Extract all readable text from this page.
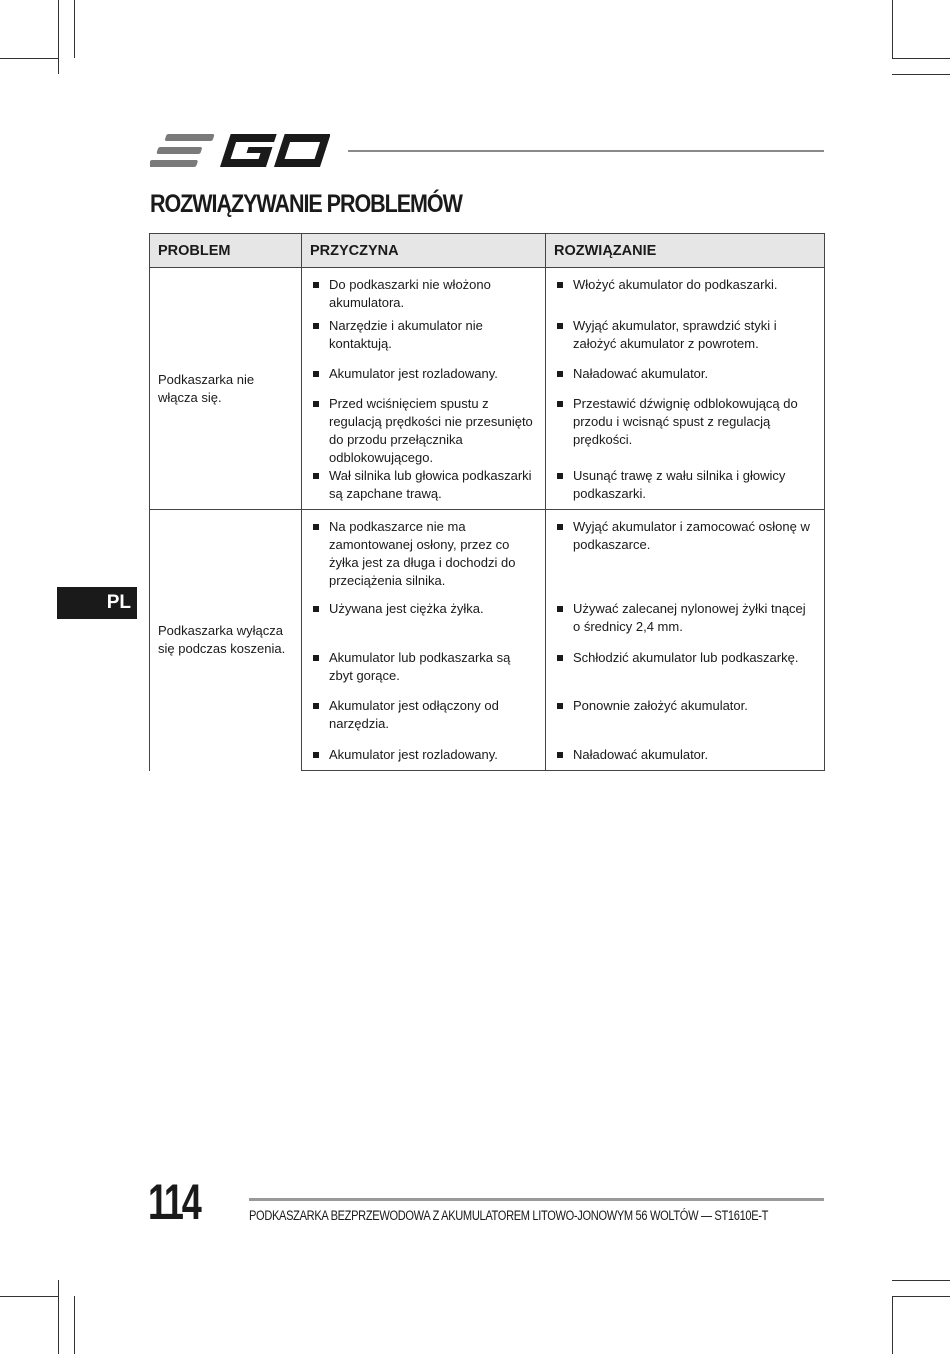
ROZWIĄZYWANIE PROBLEMÓW
PL
PROBLEM	PRZYCZYNA	ROZWIĄZANIE
Podkaszarka nie włącza się.	Do podkaszarki nie włożono akumulatora.	Włożyć akumulator do podkaszarki.

	Narzędzie i akumulator nie kontaktują.	Wyjąć akumulator, sprawdzić styki i założyć akumulator z powrotem.

	Akumulator jest rozladowany.	Naładować akumulator.

	Przed wciśnięciem spustu z regulacją prędkości nie przesunięto do przodu przełącznika odblokowującego.	Przestawić dźwignię odblokowującą do przodu i wcisnąć spust z regulacją prędkości.

	Wał silnika lub głowica podkaszarki są zapchane trawą.	Usunąć trawę z wału silnika i głowicy podkaszarki.

Podkaszarka wyłącza się podczas koszenia.	Na podkaszarce nie ma zamontowanej osłony, przez co żyłka jest za długa i dochodzi do przeciążenia silnika.	Wyjąć akumulator i zamocować osłonę w podkaszarce.

	Używana jest ciężka żyłka.	Używać zalecanej nylonowej żyłki tnącej o średnicy 2,4 mm.

	Akumulator lub podkaszarka są zbyt gorące.	Schłodzić akumulator lub podkaszarkę.

	Akumulator jest odłączony od narzędzia.	Ponownie założyć akumulator.

	Akumulator jest rozladowany.	Naładować akumulator.
114	PODKASZARKA BEZPRZEWODOWA Z AKUMULATOREM LITOWO-JONOWYM 56 WOLTÓW — ST1610E-T
